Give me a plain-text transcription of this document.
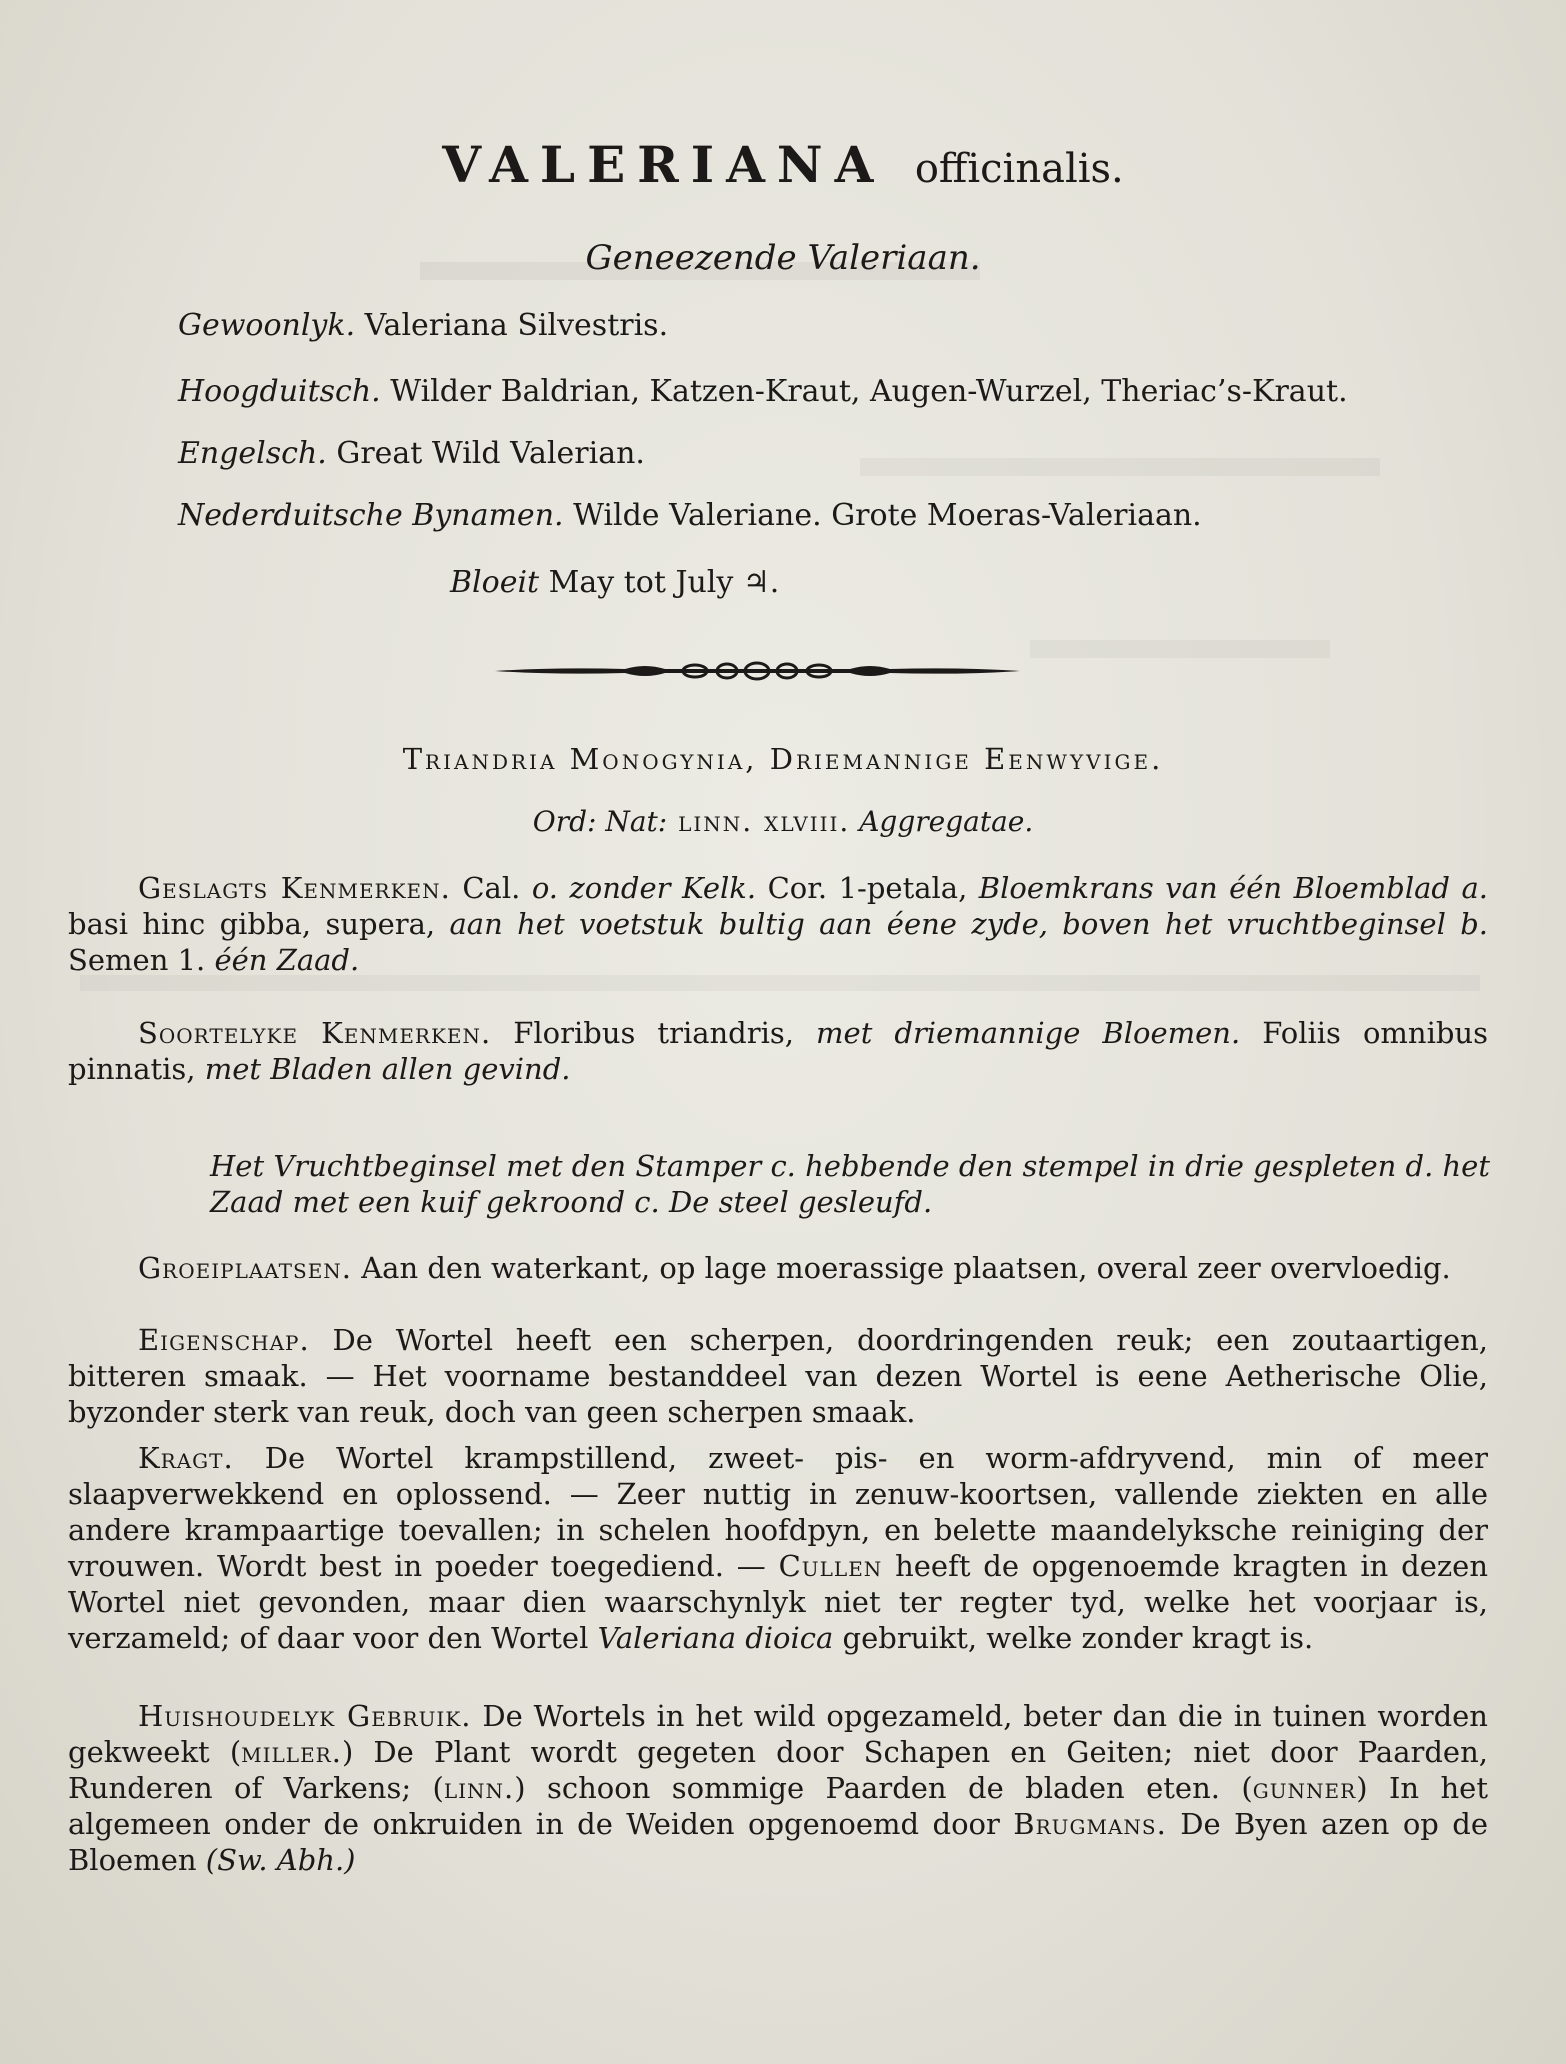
VALERIANA officinalis.
Geneezende Valeriaan.
Gewoonlyk. Valeriana Silvestris.
Hoogduitsch. Wilder Baldrian, Katzen-Kraut, Augen-Wurzel, Theriac’s-Kraut.
Engelsch. Great Wild Valerian.
Nederduitsche Bynamen. Wilde Valeriane. Grote Moeras-Valeriaan.
Bloeit May tot July ♃.
Triandria Monogynia, Driemannige Eenwyvige.
Ord: Nat: linn. xlviii. Aggregatae.
Geslagts Kenmerken. Cal. o. zonder Kelk. Cor. 1-petala, Bloemkrans van één Bloemblad a. basi hinc gibba, supera, aan het voetstuk bultig aan éene zyde, boven het vruchtbeginsel b. Semen 1. één Zaad.
Soortelyke Kenmerken. Floribus triandris, met driemannige Bloemen. Foliis omnibus pinnatis, met Bladen allen gevind.
Het Vruchtbeginsel met den Stamper c. hebbende den stempel in drie gespleten d. het Zaad met een kuif gekroond c. De steel gesleufd.
Groeiplaatsen. Aan den waterkant, op lage moerassige plaatsen, overal zeer overvloedig.
Eigenschap. De Wortel heeft een scherpen, doordringenden reuk; een zoutaartigen, bitteren smaak. — Het voorname bestanddeel van dezen Wortel is eene Aetherische Olie, byzonder sterk van reuk, doch van geen scherpen smaak.
Kragt. De Wortel krampstillend, zweet- pis- en worm-afdryvend, min of meer slaapverwekkend en oplossend. — Zeer nuttig in zenuw-koortsen, vallende ziekten en alle andere krampaartige toevallen; in schelen hoofdpyn, en belette maandelyksche reiniging der vrouwen. Wordt best in poeder toegediend. — Cullen heeft de opgenoemde kragten in dezen Wortel niet gevonden, maar dien waarschynlyk niet ter regter tyd, welke het voorjaar is, verzameld; of daar voor den Wortel Valeriana dioica gebruikt, welke zonder kragt is.
Huishoudelyk Gebruik. De Wortels in het wild opgezameld, beter dan die in tuinen worden gekweekt (miller.) De Plant wordt gegeten door Schapen en Geiten; niet door Paarden, Runderen of Varkens; (linn.) schoon sommige Paarden de bladen eten. (gunner) In het algemeen onder de onkruiden in de Weiden opgenoemd door Brugmans. De Byen azen op de Bloemen (Sw. Abh.)
